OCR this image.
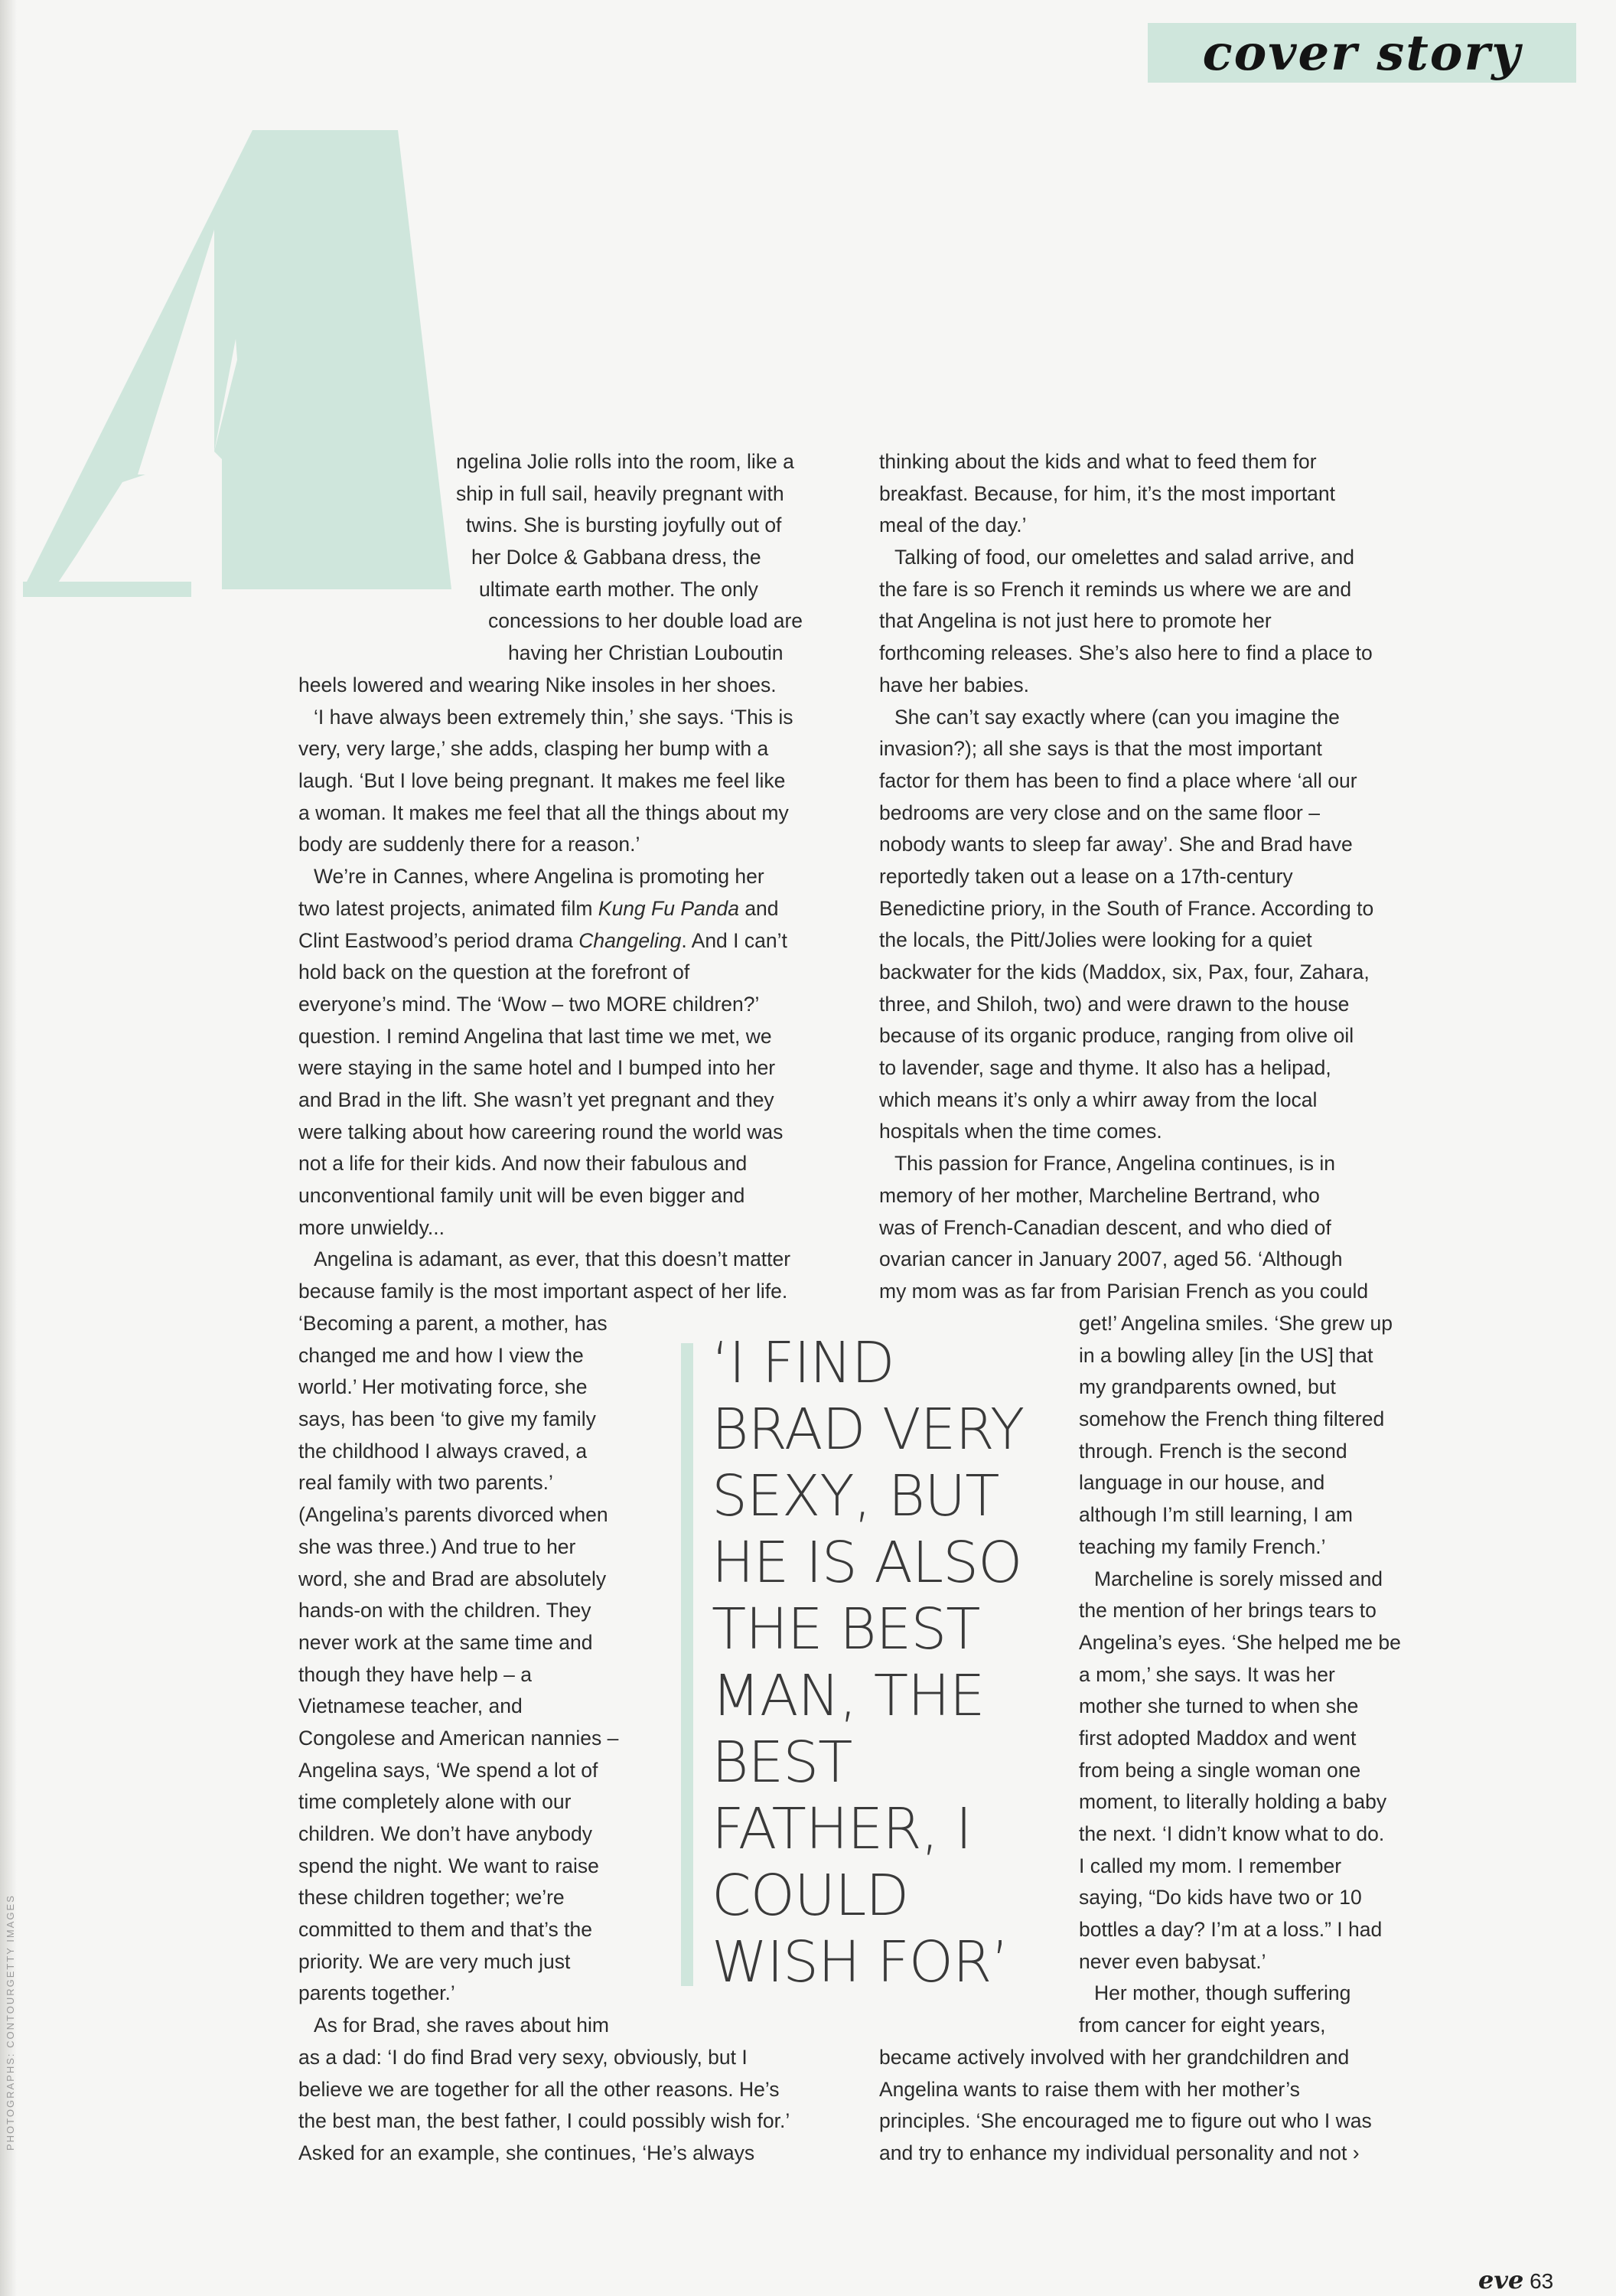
cover story
ngelina Jolie rolls into the room, like a
ship in full sail, heavily pregnant with
twins. She is bursting joyfully out of
her Dolce & Gabbana dress, the
ultimate earth mother. The only
concessions to her double load are
having her Christian Louboutin
heels lowered and wearing Nike insoles in her shoes.
‘I have always been extremely thin,’ she says. ‘This is
very, very large,’ she adds, clasping her bump with a
laugh. ‘But I love being pregnant. It makes me feel like
a woman. It makes me feel that all the things about my
body are suddenly there for a reason.’
We’re in Cannes, where Angelina is promoting her
two latest projects, animated film Kung Fu Panda and
Clint Eastwood’s period drama Changeling. And I can’t
hold back on the question at the forefront of
everyone’s mind. The ‘Wow – two MORE children?’
question. I remind Angelina that last time we met, we
were staying in the same hotel and I bumped into her
and Brad in the lift. She wasn’t yet pregnant and they
were talking about how careering round the world was
not a life for their kids. And now their fabulous and
unconventional family unit will be even bigger and
more unwieldy...
Angelina is adamant, as ever, that this doesn’t matter
because family is the most important aspect of her life.
‘Becoming a parent, a mother, has
changed me and how I view the
world.’ Her motivating force, she
says, has been ‘to give my family
the childhood I always craved, a
real family with two parents.’
(Angelina’s parents divorced when
she was three.) And true to her
word, she and Brad are absolutely
hands-on with the children. They
never work at the same time and
though they have help – a
Vietnamese teacher, and
Congolese and American nannies –
Angelina says, ‘We spend a lot of
time completely alone with our
children. We don’t have anybody
spend the night. We want to raise
these children together; we’re
committed to them and that’s the
priority. We are very much just
parents together.’
As for Brad, she raves about him
as a dad: ‘I do find Brad very sexy, obviously, but I
believe we are together for all the other reasons. He’s
the best man, the best father, I could possibly wish for.’
Asked for an example, she continues, ‘He’s always
thinking about the kids and what to feed them for
breakfast. Because, for him, it’s the most important
meal of the day.’
Talking of food, our omelettes and salad arrive, and
the fare is so French it reminds us where we are and
that Angelina is not just here to promote her
forthcoming releases. She’s also here to find a place to
have her babies.
She can’t say exactly where (can you imagine the
invasion?); all she says is that the most important
factor for them has been to find a place where ‘all our
bedrooms are very close and on the same floor –
nobody wants to sleep far away’. She and Brad have
reportedly taken out a lease on a 17th-century
Benedictine priory, in the South of France. According to
the locals, the Pitt/Jolies were looking for a quiet
backwater for the kids (Maddox, six, Pax, four, Zahara,
three, and Shiloh, two) and were drawn to the house
because of its organic produce, ranging from olive oil
to lavender, sage and thyme. It also has a helipad,
which means it’s only a whirr away from the local
hospitals when the time comes.
This passion for France, Angelina continues, is in
memory of her mother, Marcheline Bertrand, who
was of French-Canadian descent, and who died of
ovarian cancer in January 2007, aged 56. ‘Although
my mom was as far from Parisian French as you could
get!’ Angelina smiles. ‘She grew up
in a bowling alley [in the US] that
my grandparents owned, but
somehow the French thing filtered
through. French is the second
language in our house, and
although I’m still learning, I am
teaching my family French.’
Marcheline is sorely missed and
the mention of her brings tears to
Angelina’s eyes. ‘She helped me be
a mom,’ she says. It was her
mother she turned to when she
first adopted Maddox and went
from being a single woman one
moment, to literally holding a baby
the next. ‘I didn’t know what to do.
I called my mom. I remember
saying, “Do kids have two or 10
bottles a day? I’m at a loss.” I had
never even babysat.’
Her mother, though suffering
from cancer for eight years,
became actively involved with her grandchildren and
Angelina wants to raise them with her mother’s
principles. ‘She encouraged me to figure out who I was
and try to enhance my individual personality and not ›
‘I FIND
BRAD VERY
SEXY, BUT
HE IS ALSO
THE BEST
MAN, THE
BEST
FATHER, I
COULD
WISH FOR’
PHOTOGRAPHS: CONTOURGETTY IMAGES
eve 63
